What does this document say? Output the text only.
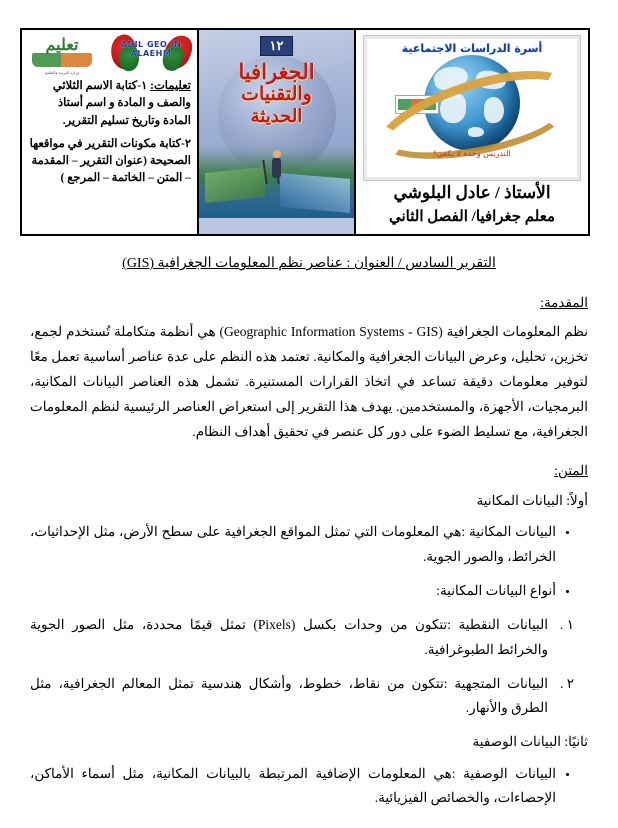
أسرة الدراسات الاجتماعية
التدريس وحده لا يكفي!
الأستاذ / عادل البلوشي
معلم جغرافيا/ الفصل الثاني

١٢
الجغرافيا
والتقنيات
الحديثة

ADIL GEO IN ALAEHM
تعليم
وزارة التربية والتعليم

تعليمات: ١-كتابة الاسم الثلاثي والصف و المادة و اسم أستاذ المادة وتاريخ تسليم التقرير.

٢-كتابة مكونات التقرير في مواقعها الصحيحة (عنوان التقرير – المقدمة – المتن – الخاتمة – المرجع )

التقرير السادس / العنوان : عناصر نظم المعلومات الجغرافية (GIS)

المقدمة:

نظم المعلومات الجغرافية (Geographic Information Systems - GIS) هي أنظمة متكاملة تُستخدم لجمع، تخزين، تحليل، وعرض البيانات الجغرافية والمكانية. تعتمد هذه النظم على عدة عناصر أساسية تعمل معًا لتوفير معلومات دقيقة تساعد في اتخاذ القرارات المستنيرة. تشمل هذه العناصر البيانات المكانية، البرمجيات، الأجهزة، والمستخدمين. يهدف هذا التقرير إلى استعراض العناصر الرئيسية لنظم المعلومات الجغرافية، مع تسليط الضوء على دور كل عنصر في تحقيق أهداف النظام.

المتن:

أولاً: البيانات المكانية

• البيانات المكانية :هي المعلومات التي تمثل المواقع الجغرافية على سطح الأرض، مثل الإحداثيات، الخرائط، والصور الجوية.
• أنواع البيانات المكانية:
١ .
البيانات النقطية :تتكون من وحدات بكسل (Pixels) تمثل قيمًا محددة، مثل الصور الجوية والخرائط الطبوغرافية.
٢ .
البيانات المتجهية :تتكون من نقاط، خطوط، وأشكال هندسية تمثل المعالم الجغرافية، مثل الطرق والأنهار.

ثانيًا: البيانات الوصفية

• البيانات الوصفية :هي المعلومات الإضافية المرتبطة بالبيانات المكانية، مثل أسماء الأماكن، الإحصاءات، والخصائص الفيزيائية.
